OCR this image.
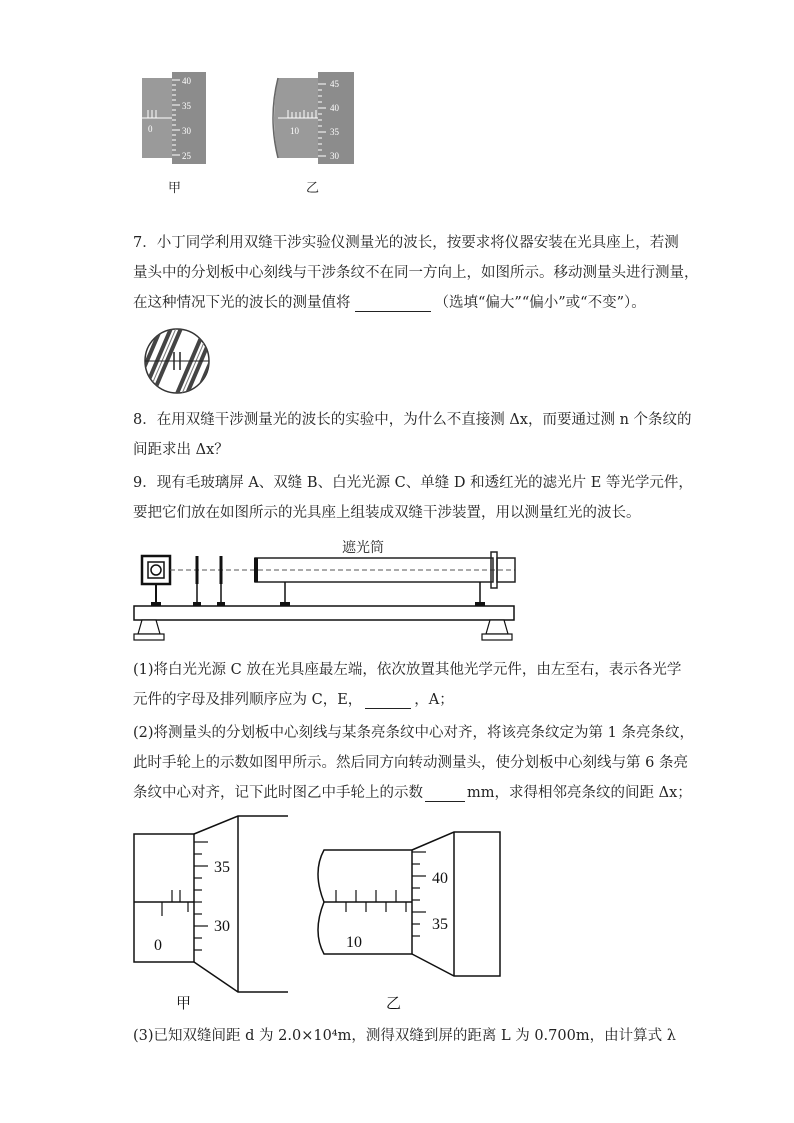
40
35
30
25
0
甲
45
40
35
30
10
乙
7．小丁同学利用双缝干涉实验仪测量光的波长，按要求将仪器安装在光具座上，若测
量头中的分划板中心刻线与干涉条纹不在同一方向上，如图所示。移动测量头进行测量，
在这种情况下光的波长的测量值将	（选填“偏大”“偏小”或“不变”）。
8．在用双缝干涉测量光的波长的实验中，为什么不直接测 Δx，而要通过测 n 个条纹的
间距求出 Δx？
9．现有毛玻璃屏 A、双缝 B、白光光源 C、单缝 D 和透红光的滤光片 E 等光学元件，
要把它们放在如图所示的光具座上组装成双缝干涉装置，用以测量红光的波长。
遮光筒
(1)将白光光源 C 放在光具座最左端，依次放置其他光学元件，由左至右，表示各光学
元件的字母及排列顺序应为 C，E，	，A；
(2)将测量头的分划板中心刻线与某条亮条纹中心对齐，将该亮条纹定为第 1 条亮条纹，
此时手轮上的示数如图甲所示。然后同方向转动测量头，使分划板中心刻线与第 6 条亮
条纹中心对齐，记下此时图乙中手轮上的示数	mm，求得相邻亮条纹的间距 Δx；
35
30
0
甲
40
35
10
乙
(3)已知双缝间距 d 为 2.0×10⁴m，测得双缝到屏的距离 L 为 0.700m，由计算式 λ
